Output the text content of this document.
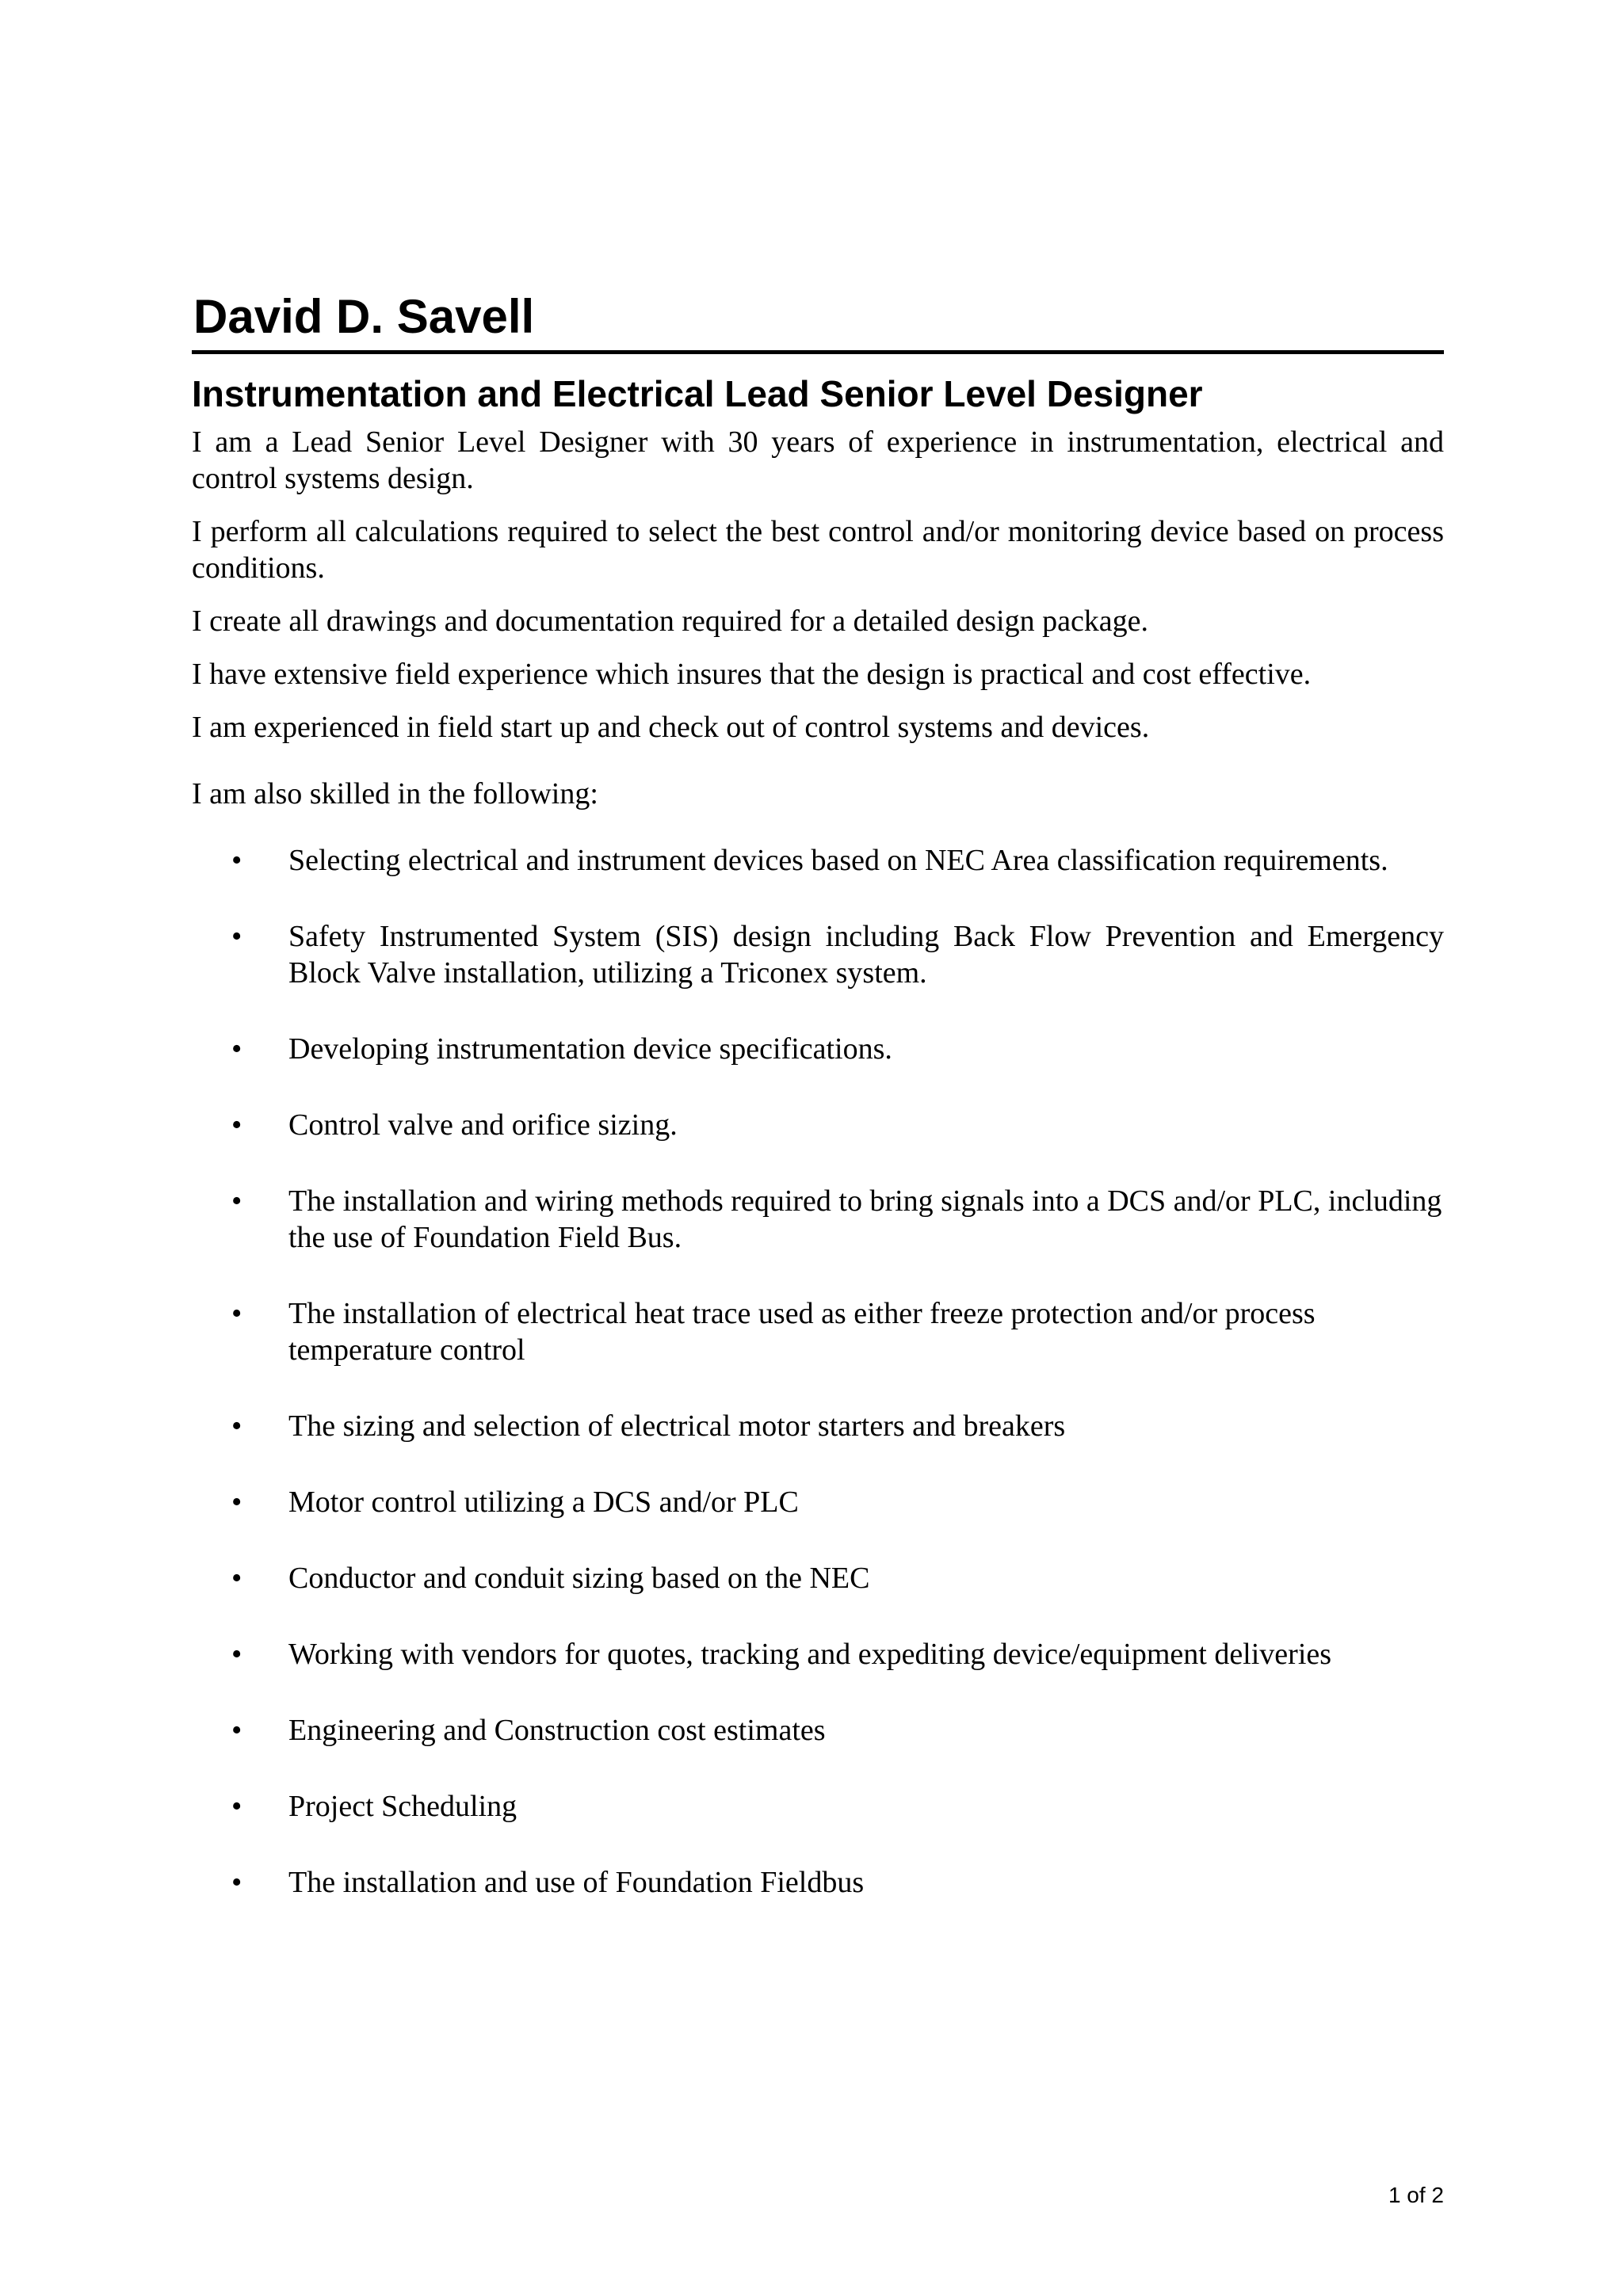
David D. Savell
Instrumentation and Electrical Lead Senior Level Designer

I am a Lead Senior Level Designer with 30 years of experience in instrumentation, electrical and control systems design.

I perform all calculations required to select the best control and/or monitoring device based on process conditions.

I create all drawings and documentation required for a detailed design package.

I have extensive field experience which insures that the design is practical and cost effective.

I am experienced in field start up and check out of control systems and devices.

I am also skilled in the following:

• Selecting electrical and instrument devices based on NEC Area classification requirements.
• Safety Instrumented System (SIS) design including Back Flow Prevention and Emergency Block Valve installation, utilizing a Triconex system.
• Developing instrumentation device specifications.
• Control valve and orifice sizing.
• The installation and wiring methods required to bring signals into a DCS and/or PLC, including the use of Foundation Field Bus.
• The installation of electrical heat trace used as either freeze protection and/or process temperature control
• The sizing and selection of electrical motor starters and breakers
• Motor control utilizing a DCS and/or PLC
• Conductor and conduit sizing based on the NEC
• Working with vendors for quotes, tracking and expediting device/equipment deliveries
• Engineering and Construction cost estimates
• Project Scheduling
• The installation and use of Foundation Fieldbus
1 of 2
